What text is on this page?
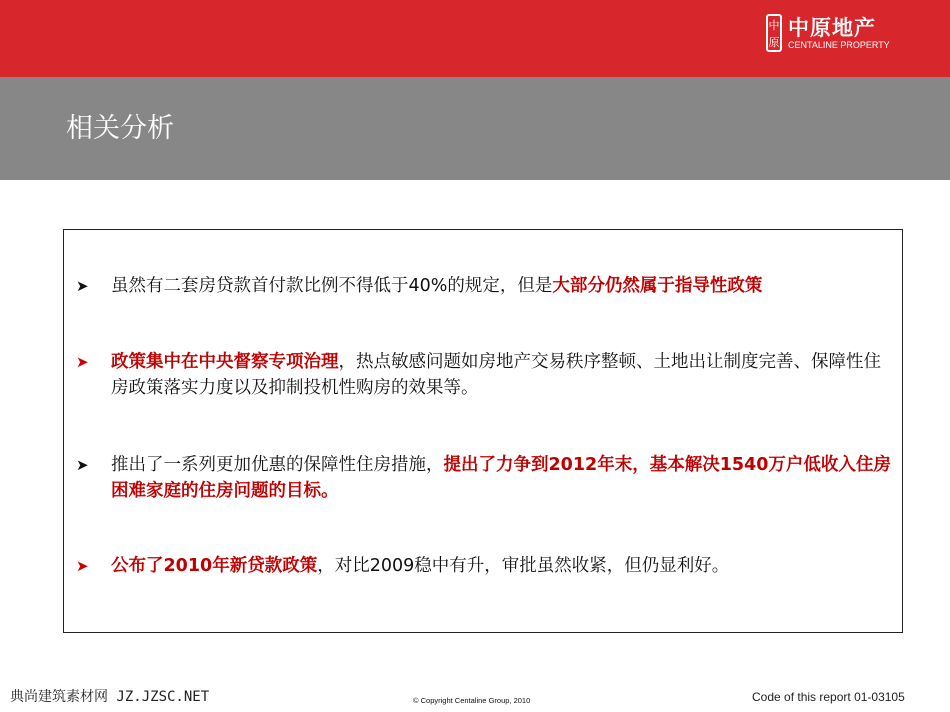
中
原
中原地产
CENTALINE PROPERTY
相关分析
➤	虽然有二套房贷款首付款比例不得低于40%的规定，但是大部分仍然属于指导性政策
➤	政策集中在中央督察专项治理，热点敏感问题如房地产交易秩序整顿、土地出让制度完善、保障性住房政策落实力度以及抑制投机性购房的效果等。
➤	推出了一系列更加优惠的保障性住房措施，提出了力争到2012年末，基本解决1540万户低收入住房困难家庭的住房问题的目标。
➤	公布了2010年新贷款政策，对比2009稳中有升，审批虽然收紧，但仍显利好。
典尚建筑素材网 JZ.JZSC.NET	© Copyright Centaline Group, 2010	Code of this report 01-03105
